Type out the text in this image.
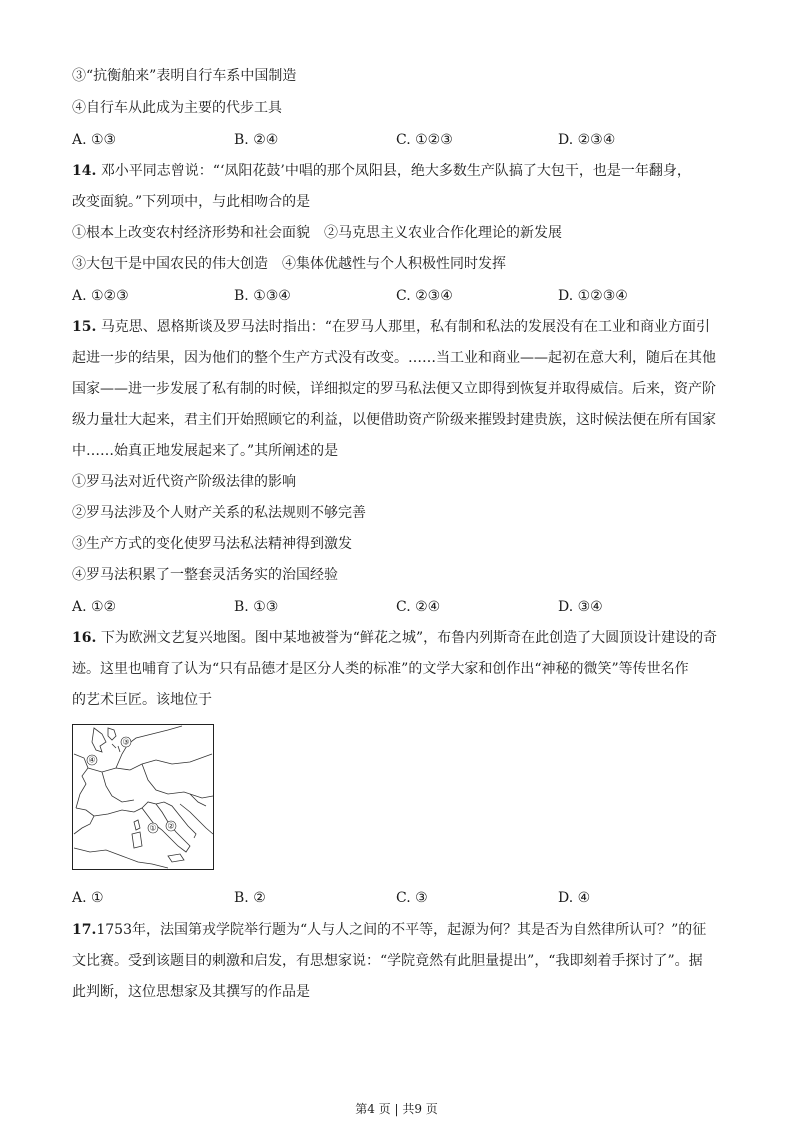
③“抗衡舶来”表明自行车系中国制造
④自行车从此成为主要的代步工具
A. ①③	B. ②④	C. ①②③	D. ②③④
14. 邓小平同志曾说：“‘凤阳花鼓’中唱的那个凤阳县，绝大多数生产队搞了大包干，也是一年翻身，
改变面貌。”下列项中，与此相吻合的是
①根本上改变农村经济形势和社会面貌　②马克思主义农业合作化理论的新发展
③大包干是中国农民的伟大创造　④集体优越性与个人积极性同时发挥
A. ①②③	B. ①③④	C. ②③④	D. ①②③④
15. 马克思、恩格斯谈及罗马法时指出：“在罗马人那里，私有制和私法的发展没有在工业和商业方面引
起进一步的结果，因为他们的整个生产方式没有改变。……当工业和商业——起初在意大利，随后在其他
国家——进一步发展了私有制的时候，详细拟定的罗马私法便又立即得到恢复并取得威信。后来，资产阶
级力量壮大起来，君主们开始照顾它的利益，以便借助资产阶级来摧毁封建贵族，这时候法便在所有国家
中……始真正地发展起来了。”其所阐述的是
①罗马法对近代资产阶级法律的影响
②罗马法涉及个人财产关系的私法规则不够完善
③生产方式的变化使罗马法私法精神得到激发
④罗马法积累了一整套灵活务实的治国经验
A. ①②	B. ①③	C. ②④	D. ③④
16. 下为欧洲文艺复兴地图。图中某地被誉为“鲜花之城”，布鲁内列斯奇在此创造了大圆顶设计建设的奇
迹。这里也哺育了认为“只有品德才是区分人类的标准”的文学大家和创作出“神秘的微笑”等传世名作
的艺术巨匠。该地位于
① ②
③
④
A. ①	B. ②	C. ③	D. ④
17.1753年，法国第戎学院举行题为“人与人之间的不平等，起源为何？其是否为自然律所认可？”的征
文比赛。受到该题目的刺激和启发，有思想家说：“学院竟然有此胆量提出”，“我即刻着手探讨了”。据
此判断，这位思想家及其撰写的作品是
第4 页 | 共9 页
